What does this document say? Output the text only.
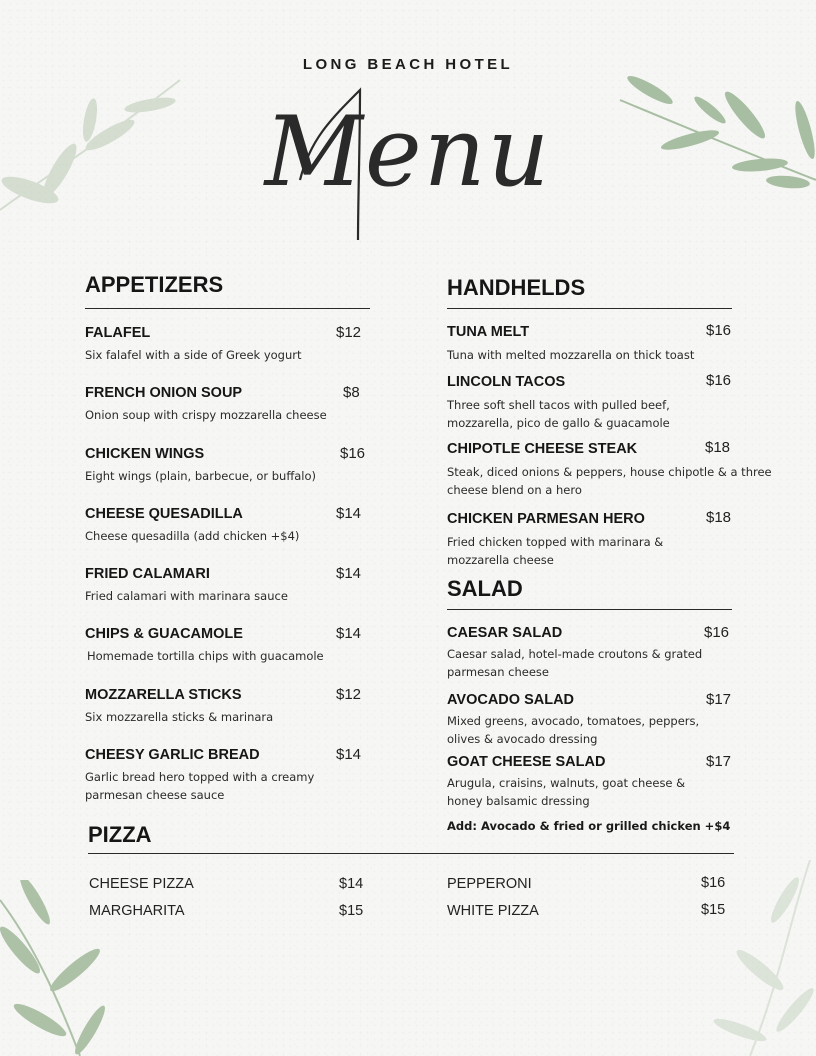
LONG BEACH HOTEL
Menu
APPETIZERS
FALAFEL	$12
Six falafel with a side of Greek yogurt
FRENCH ONION SOUP	$8
Onion soup with crispy mozzarella cheese
CHICKEN WINGS	$16
Eight wings (plain, barbecue, or buffalo)
CHEESE QUESADILLA	$14
Cheese quesadilla (add chicken +$4)
FRIED CALAMARI	$14
Fried calamari with marinara sauce
CHIPS & GUACAMOLE	$14
Homemade tortilla chips with guacamole
MOZZARELLA STICKS	$12
Six mozzarella sticks & marinara
CHEESY GARLIC BREAD	$14
Garlic bread hero topped with a creamy parmesan cheese sauce
HANDHELDS
TUNA MELT	$16
Tuna with melted mozzarella on thick toast
LINCOLN TACOS	$16
Three soft shell tacos with pulled beef, mozzarella, pico de gallo & guacamole
CHIPOTLE CHEESE STEAK	$18
Steak, diced onions & peppers, house chipotle & a three cheese blend on a hero
CHICKEN PARMESAN HERO	$18
Fried chicken topped with marinara & mozzarella cheese
SALAD
CAESAR SALAD	$16
Caesar salad, hotel-made croutons & grated parmesan cheese
AVOCADO SALAD	$17
Mixed greens, avocado, tomatoes, peppers, olives & avocado dressing
GOAT CHEESE SALAD	$17
Arugula, craisins, walnuts, goat cheese & honey balsamic dressing
Add: Avocado & fried or grilled chicken +$4
PIZZA
CHEESE PIZZA	$14	PEPPERONI	$16
MARGHARITA	$15	WHITE PIZZA	$15
